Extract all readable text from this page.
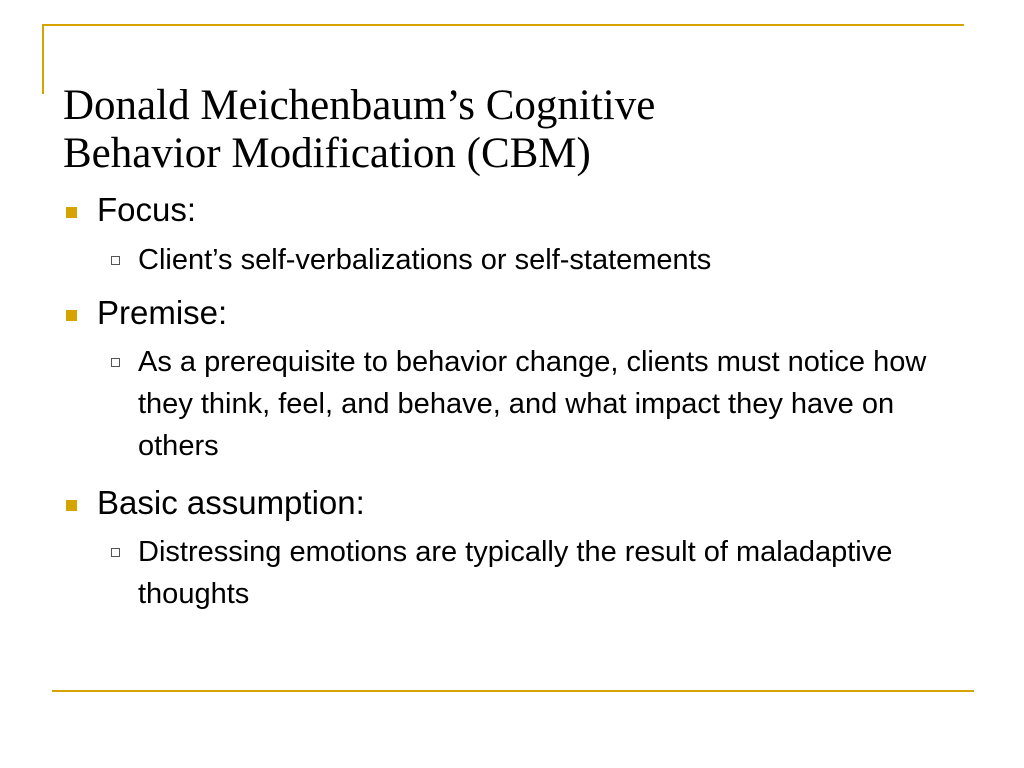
Donald Meichenbaum’s Cognitive
Behavior Modification (CBM)
Focus:
Client’s self-verbalizations or self-statements
Premise:
As a prerequisite to behavior change, clients must notice how they think, feel, and behave, and what impact they have on others
Basic assumption:
Distressing emotions are typically the result of maladaptive thoughts
